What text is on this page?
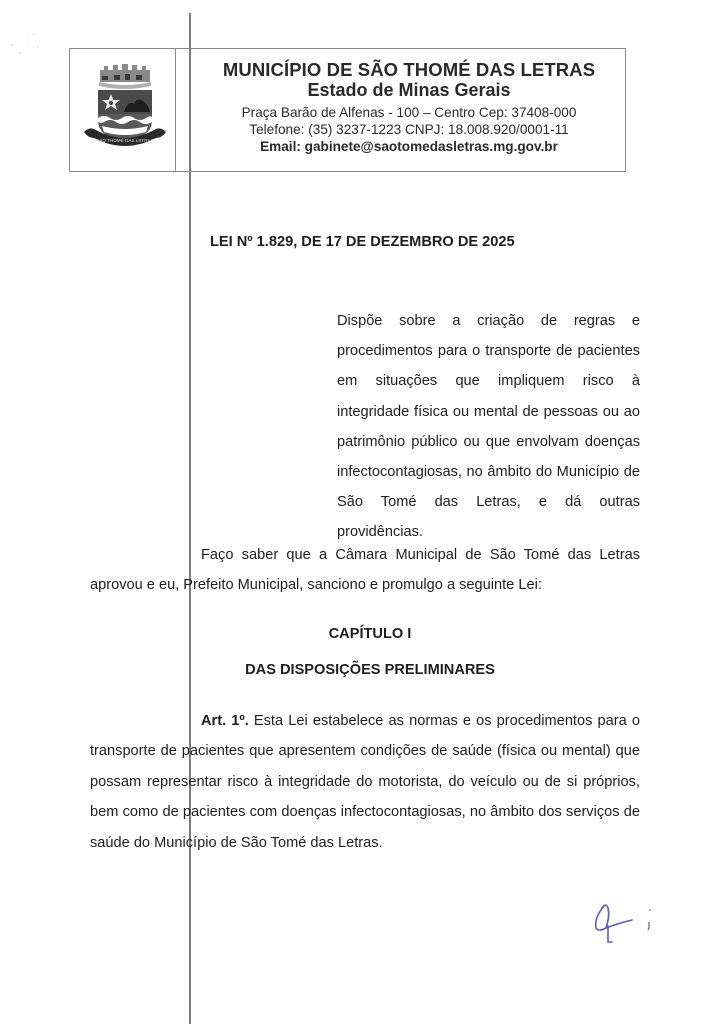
SÃO THOMÉ DAS LETRAS
MUNICÍPIO DE SÃO THOMÉ DAS LETRAS
Estado de Minas Gerais
Praça Barão de Alfenas - 100 – Centro Cep: 37408-000
Telefone: (35) 3237-1223 CNPJ: 18.008.920/0001-11
Email: gabinete@saotomedasletras.mg.gov.br
LEI Nº 1.829, DE 17 DE DEZEMBRO DE 2025
Dispõe sobre a criação de regras e procedimentos para o transporte de pacientes em situações que impliquem risco à integridade física ou mental de pessoas ou ao patrimônio público ou que envolvam doenças infectocontagiosas, no âmbito do Município de São Tomé das Letras, e dá outras providências.
Faço saber que a Câmara Municipal de São Tomé das Letras aprovou e eu, Prefeito Municipal, sanciono e promulgo a seguinte Lei:
CAPÍTULO I
DAS DISPOSIÇÕES PRELIMINARES
Art. 1º. Esta Lei estabelece as normas e os procedimentos para o transporte de pacientes que apresentem condições de saúde (física ou mental) que possam representar risco à integridade do motorista, do veículo ou de si próprios, bem como de pacientes com doenças infectocontagiosas, no âmbito dos serviços de saúde do Município de São Tomé das Letras.
